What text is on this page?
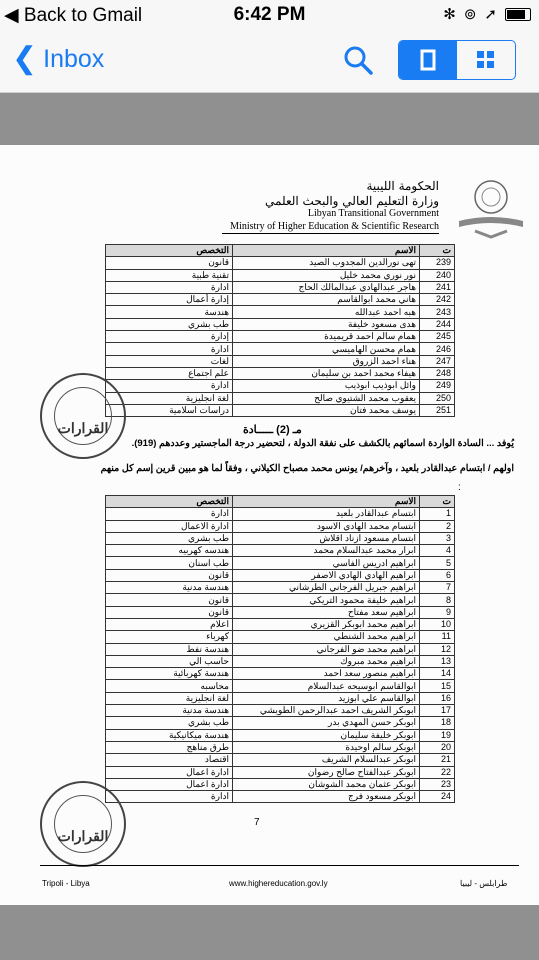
◀ Back to Gmail	6:42 PM	✻ ⊚ ➚
❮ Inbox
الحكومة الليبية
وزارة التعليم العالي والبحث العلمي
Libyan Transitional Government
Ministry of Higher Education & Scientific Research
ت	الاسم	التخصص
239	تهى نورالدين المجدوب الصيد	قانون
240	نور نوري محمد خليل	تقنية طبية
241	هاجر عبدالهادي عبدالمالك الحاج	ادارة
242	هاني محمد ابوالقاسم	إدارة أعمال
243	هبه احمد عبدالله	هندسة
244	هدى مسعود خليفة	طب بشري
245	همام سالم احمد قريميدة	إدارة
246	همام محسن الهاميسي	ادارة
247	هناء احمد الزروق	لغات
248	هيفاء محمد احمد بن سليمان	علم اجتماع
249	وائل ابوذيب ابوذيب	ادارة
250	يعقوب محمد الشتيوي صالح	لغة انجليزية
251	يوسف محمد فتان	دراسات اسلامية
القرارات	مـ (2) ـــــادة
يُوفد ... السادة الواردة اسمائهم بالكشف على نفقة الدولة ، لتحضير درجة الماجستير وعددهم (919).
اولهم / ابتسام عبدالقادر بلعيد ، وآخرهم/ يونس محمد مصباح الكيلاني ، وفقاً لما هو مبين قرين إسم كل منهم
:
ت	الاسم	التخصص
1	ابتسام عبدالقادر بلعيد	ادارة
2	ابتسام محمد الهادي الاسود	ادارة الاعمال
3	ابتسام مسعود ازناد اقلاش	طب بشري
4	ابرار محمد عبدالسلام محمد	هندسه كهربيه
5	ابراهيم ادريس الفاسي	طب اسنان
6	ابراهيم الهادي الهادي الاصفر	قانون
7	ابراهيم جبريل الفرجاني الطرشاني	هندسة مدنية
8	ابراهيم خليفة محمود التريكي	قانون
9	ابراهيم سعد مفتاح	قانون
10	ابراهيم محمد ابوبكر القزيري	اعلام
11	ابراهيم محمد الشنطي	كهرباء
12	ابراهيم محمد ضو الفرجاني	هندسة نفط
13	ابراهيم محمد مبروك	حاسب الي
14	ابراهيم منصور سعد احمد	هندسة كهربائية
15	ابوالقاسم ابوسيحه عبدالسلام	محاسبه
16	ابوالقاسم علي ابوزيد	لغة انجليزية
17	ابوبكر الشريف احمد عبدالرحمن الطويشي	هندسة مدنية
18	ابوبكر حسن المهدي بدر	طب بشري
19	ابوبكر خليفة سليمان	هندسة ميكانيكية
20	ابوبكر سالم اوحيدة	طرق مناهج
21	ابوبكر عبدالسلام الشريف	اقتصاد
22	ابوبكر عبدالفتاح صالح رضوان	ادارة اعمال
23	ابوبكر عثمان محمد الشوشان	ادارة اعمال
24	ابوبكر مسعود فرج	ادارة
القرارات
7
Tripoli - Libya	www.highereducation.gov.ly	طرابلس - ليبيا
